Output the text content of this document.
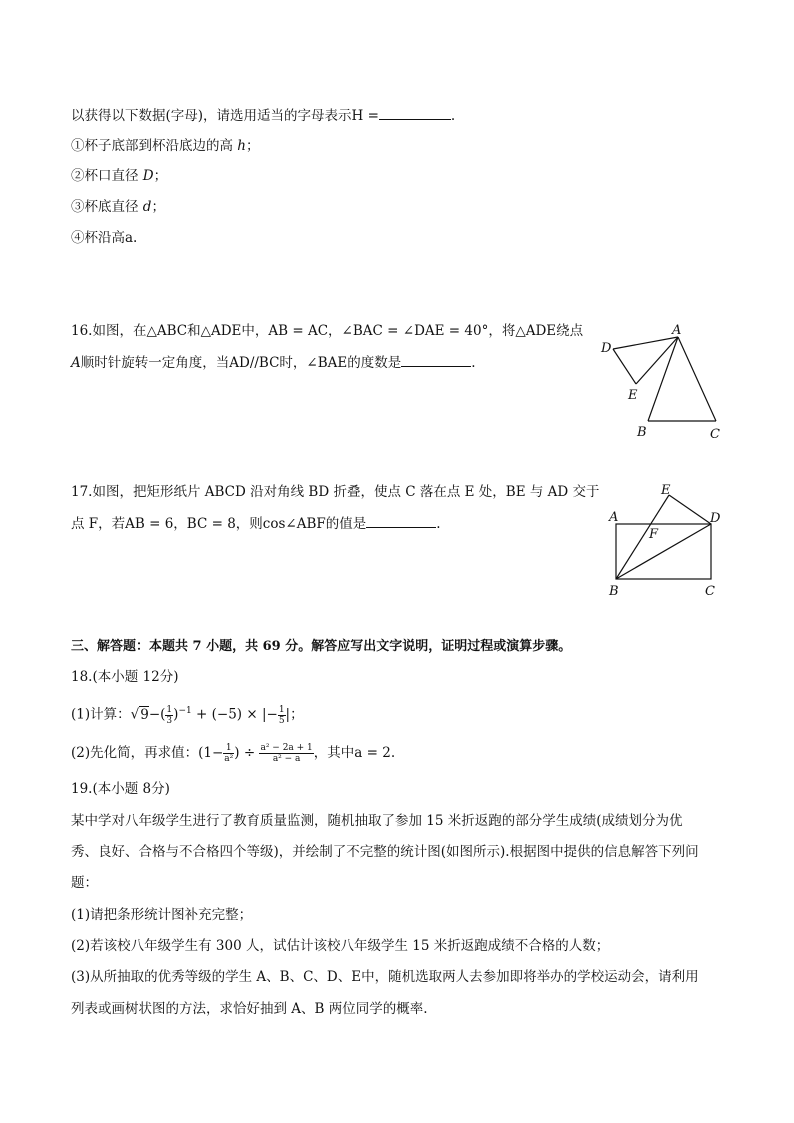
以获得以下数据(字母)，请选用适当的字母表示H =	.
①杯子底部到杯沿底边的高 h；
②杯口直径 D；
③杯底直径 d；
④杯沿高a.
16.如图，在△ABC和△ADE中，AB = AC，∠BAC = ∠DAE = 40°，将△ADE绕点
A顺时针旋转一定角度，当AD//BC时，∠BAE的度数是	.
A
D
E
B	C
17.如图，把矩形纸片 ABCD 沿对角线 BD 折叠，使点 C 落在点 E 处，BE 与 AD 交于
点 F，若AB = 6，BC = 8，则cos∠ABF的值是	.	A
E
D
F
B	C
三、解答题：本题共 7 小题，共 69 分。解答应写出文字说明，证明过程或演算步骤。
18.(本小题 12分)
(1)计算：$√9-( \frac{1}{3} )^{-1} + (-5)$ × |− $\frac{1}{5}$ |；
(2)先化简，再求值：($1- \frac{1}{\text{a²}}$ ) ÷ $\frac{\text{a² − 2a + 1}}{\text{a² − a}}$ ，其中a = 2.
19.(本小题 8分)
某中学对八年级学生进行了教育质量监测，随机抽取了参加 15 米折返跑的部分学生成绩(成绩划分为优
秀、良好、合格与不合格四个等级)，并绘制了不完整的统计图(如图所示).根据图中提供的信息解答下列问
题：
(1)请把条形统计图补充完整；
(2)若该校八年级学生有 300 人，试估计该校八年级学生 15 米折返跑成绩不合格的人数；
(3)从所抽取的优秀等级的学生 A、B、C、D、E中，随机选取两人去参加即将举办的学校运动会，请利用
列表或画树状图的方法，求恰好抽到 A、B 两位同学的概率.
